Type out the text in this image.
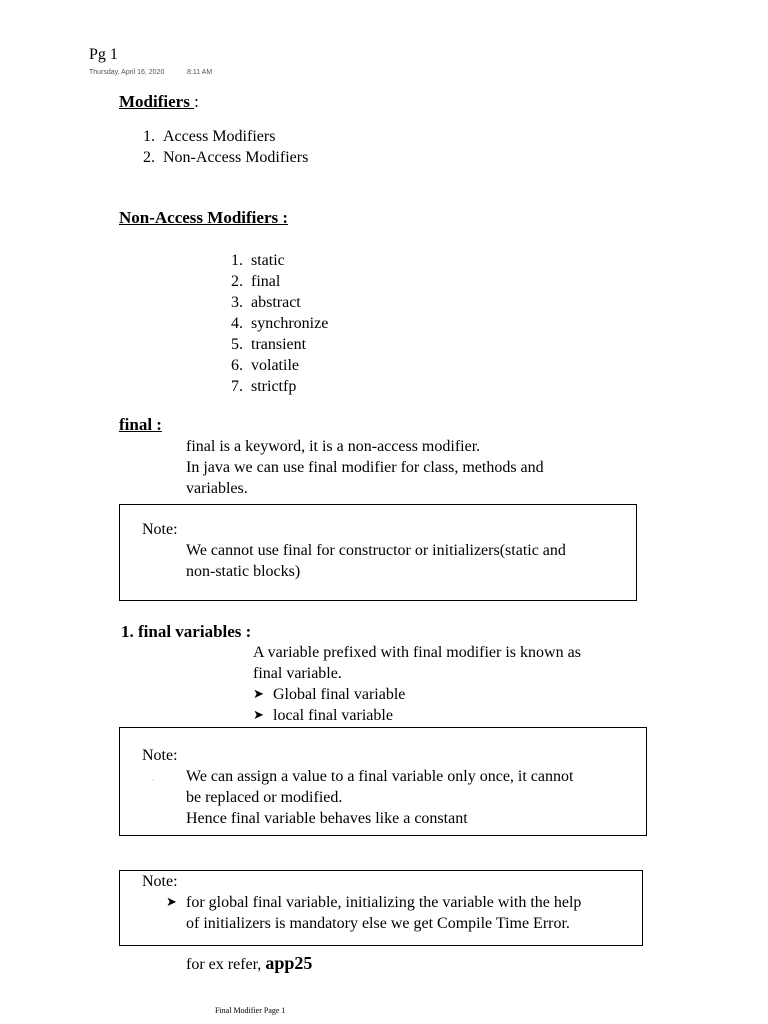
Pg 1
Thursday, April 16, 2020	8:11 AM
Modifiers :
1. Access Modifiers
2. Non-Access Modifiers
Non-Access Modifiers :
1. static
2. final
3. abstract
4. synchronize
5. transient
6. volatile
7. strictfp
final :
final is a keyword, it is a non-access modifier.
In java we can use final modifier for class, methods and
variables.
Note:
We cannot use final for constructor or initializers(static and
non-static blocks)
1. final variables :
A variable prefixed with final modifier is known as
final variable.
➤ Global final variable
➤ local final variable
Note:
· We can assign a value to a final variable only once, it cannot
be replaced or modified.
Hence final variable behaves like a constant
Note:
➤ for global final variable, initializing the variable with the help
of initializers is mandatory else we get Compile Time Error.
for ex refer, app25
Final Modifier Page 1
